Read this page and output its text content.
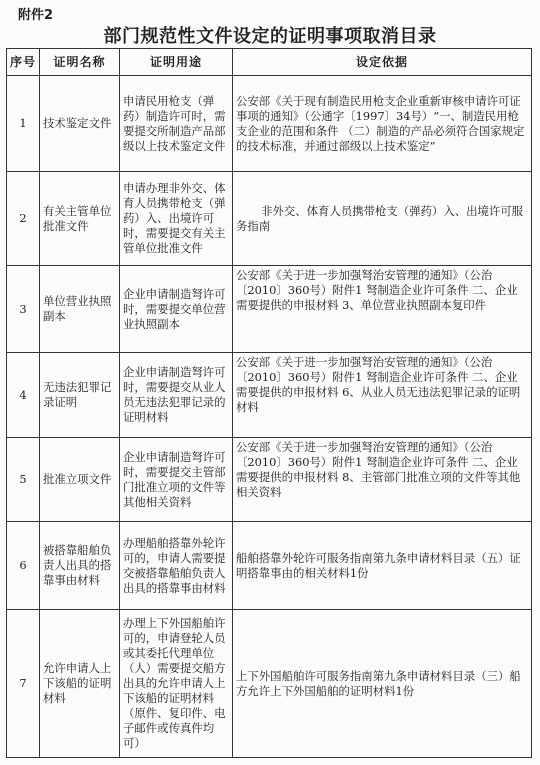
附件2
部门规范性文件设定的证明事项取消目录
序号	证明名称	证明用途	设定依据
1	技术鉴定文件	申请民用枪支（弹药）制造许可时，需要提交所制造产品部级以上技术鉴定文件	公安部《关于现有制造民用枪支企业重新审核申请许可证事项的通知》（公通字〔1997〕34号）“一、制造民用枪支企业的范围和条件 （二）制造的产品必须符合国家规定的技术标准，并通过部级以上技术鉴定”
2	有关主管单位批准文件	申请办理非外交、体育人员携带枪支（弹药）入、出境许可时，需要提交有关主管单位批准文件	非外交、体育人员携带枪支（弹药）入、出境许可服务指南
3	单位营业执照副本	企业申请制造弩许可时，需要提交单位营业执照副本	公安部《关于进一步加强弩治安管理的通知》（公治〔2010〕360号）附件1 弩制造企业许可条件 二、企业需要提供的申报材料 3、单位营业执照副本复印件
4	无违法犯罪记录证明	企业申请制造弩许可时，需要提交从业人员无违法犯罪记录的证明材料	公安部《关于进一步加强弩治安管理的通知》（公治〔2010〕360号）附件1 弩制造企业许可条件 二、企业需要提供的申报材料 6、从业人员无违法犯罪记录的证明材料
5	批准立项文件	企业申请制造弩许可时，需要提交主管部门批准立项的文件等其他相关资料	公安部《关于进一步加强弩治安管理的通知》（公治〔2010〕360号）附件1 弩制造企业许可条件 二、企业需要提供的申报材料 8、主管部门批准立项的文件等其他相关资料
6	被搭靠船舶负责人出具的搭靠事由材料	办理船舶搭靠外轮许可的，申请人需要提交被搭靠船舶负责人出具的搭靠事由材料	船舶搭靠外轮许可服务指南第九条申请材料目录（五）证明搭靠事由的相关材料1份
7	允许申请人上下该船的证明材料	办理上下外国船舶许可的，申请登轮人员或其委托代理单位（人）需要提交船方出具的允许申请人上下该船的证明材料（原件、复印件、电子邮件或传真件均可）	上下外国船舶许可服务指南第九条申请材料目录（三）船方允许上下外国船舶的证明材料1份
